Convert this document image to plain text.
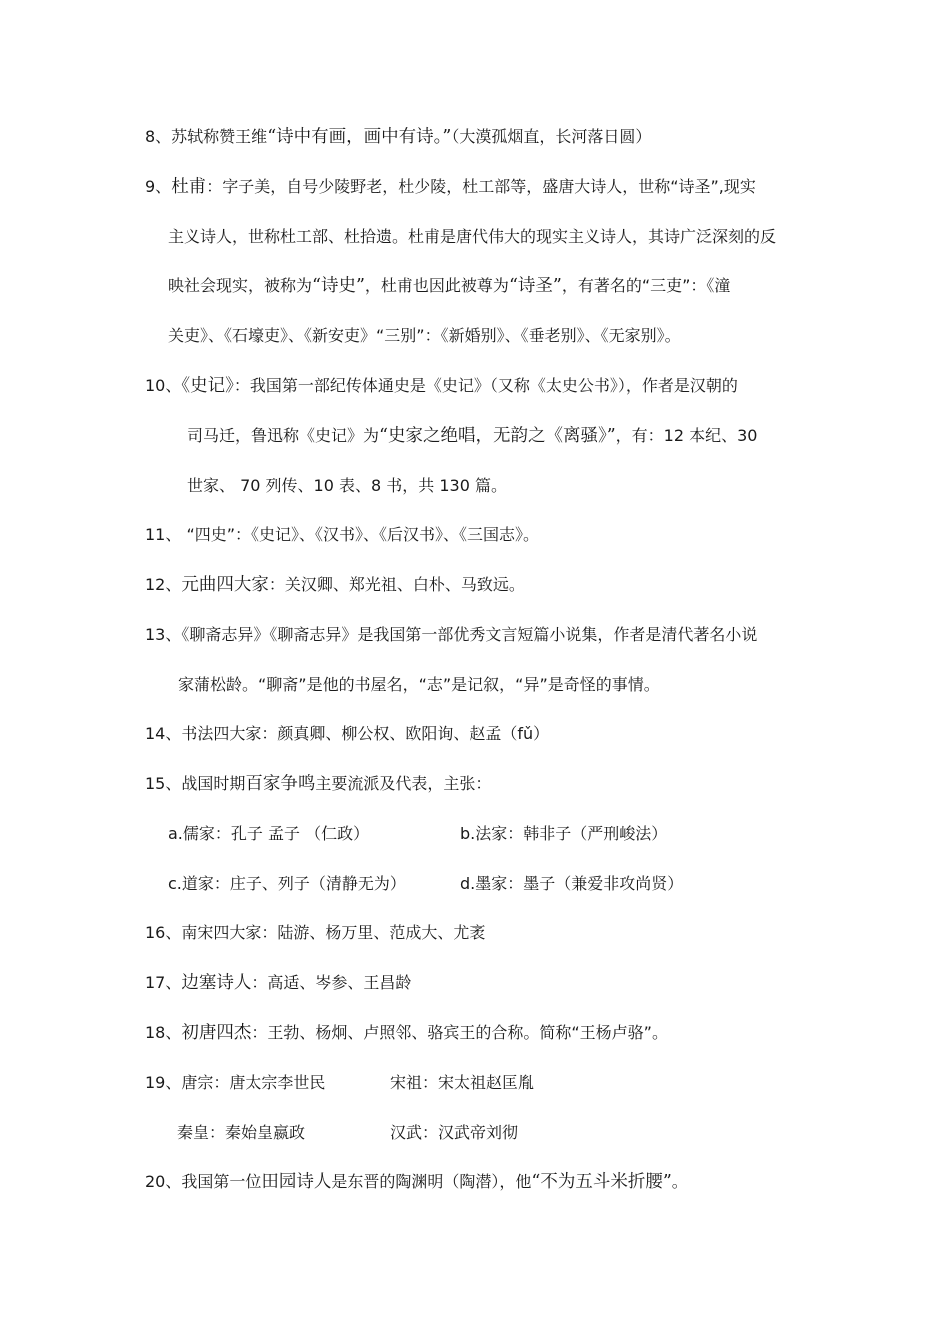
8、苏轼称赞王维“诗中有画，画中有诗。”（大漠孤烟直，长河落日圆）
9、杜甫：字子美，自号少陵野老，杜少陵，杜工部等，盛唐大诗人，世称“诗圣”,现实
主义诗人，世称杜工部、杜拾遗。杜甫是唐代伟大的现实主义诗人，其诗广泛深刻的反
映社会现实，被称为“诗史”，杜甫也因此被尊为“诗圣”，有著名的“三吏”：《潼
关吏》、《石壕吏》、《新安吏》“三别”：《新婚别》、《垂老别》、《无家别》。
10、《史记》：我国第一部纪传体通史是《史记》（又称《太史公书》），作者是汉朝的
司马迁，鲁迅称《史记》为“史家之绝唱，无韵之《离骚》”，有：12 本纪、30
世家、 70 列传、10 表、8 书，共 130 篇。
11、 “四史”：《史记》、《汉书》、《后汉书》、《三国志》。
12、元曲四大家：关汉卿、郑光祖、白朴、马致远。
13、《聊斋志异》《聊斋志异》是我国第一部优秀文言短篇小说集，作者是清代著名小说
家蒲松龄。“聊斋”是他的书屋名，“志”是记叙，“异”是奇怪的事情。
14、书法四大家：颜真卿、柳公权、欧阳询、赵孟（fǔ）
15、战国时期百家争鸣主要流派及代表，主张：
a.儒家：孔子 孟子 （仁政）	b.法家：韩非子（严刑峻法）
c.道家：庄子、列子（清静无为）	d.墨家：墨子（兼爱非攻尚贤）
16、南宋四大家：陆游、杨万里、范成大、尤袤
17、边塞诗人：高适、岑参、王昌龄
18、初唐四杰：王勃、杨炯、卢照邻、骆宾王的合称。简称“王杨卢骆”。
19、唐宗：唐太宗李世民	宋祖：宋太祖赵匡胤
秦皇：秦始皇嬴政	汉武：汉武帝刘彻
20、我国第一位田园诗人是东晋的陶渊明（陶潜），他“不为五斗米折腰”。
